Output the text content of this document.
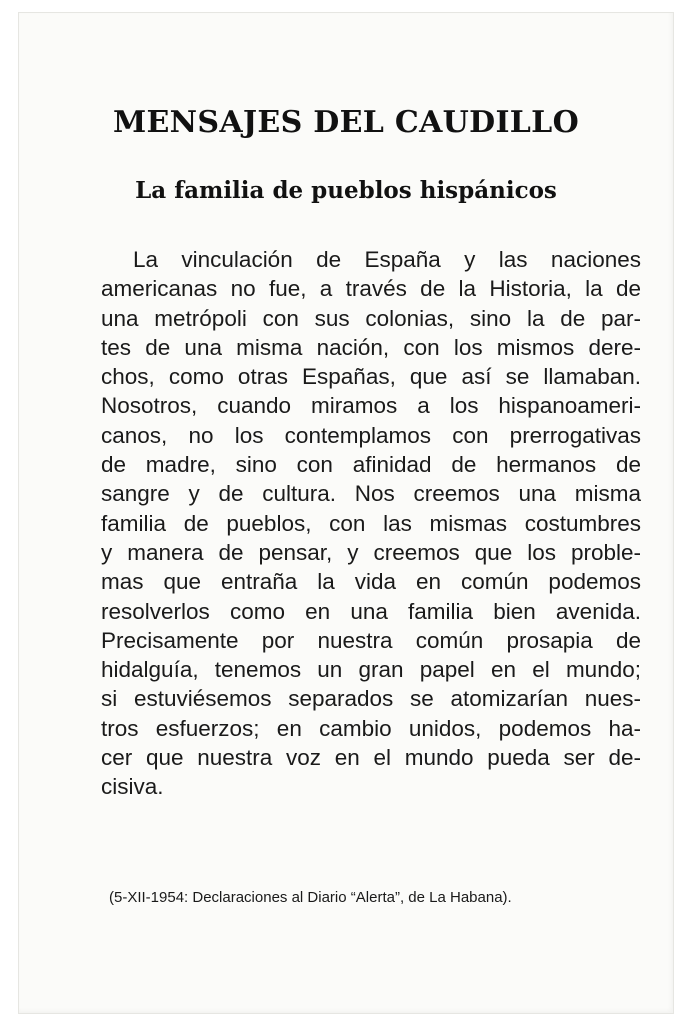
MENSAJES DEL CAUDILLO
La familia de pueblos hispánicos
La vinculación de España y las naciones
americanas no fue, a través de la Historia, la de
una metrópoli con sus colonias, sino la de par-
tes de una misma nación, con los mismos dere-
chos, como otras Españas, que así se llamaban.
Nosotros, cuando miramos a los hispanoameri-
canos, no los contemplamos con prerrogativas
de madre, sino con afinidad de hermanos de
sangre y de cultura. Nos creemos una misma
familia de pueblos, con las mismas costumbres
y manera de pensar, y creemos que los proble-
mas que entraña la vida en común podemos
resolverlos como en una familia bien avenida.
Precisamente por nuestra común prosapia de
hidalguía, tenemos un gran papel en el mundo;
si estuviésemos separados se atomizarían nues-
tros esfuerzos; en cambio unidos, podemos ha-
cer que nuestra voz en el mundo pueda ser de-
cisiva.
(5-XII-1954: Declaraciones al Diario “Alerta”, de La Habana).
